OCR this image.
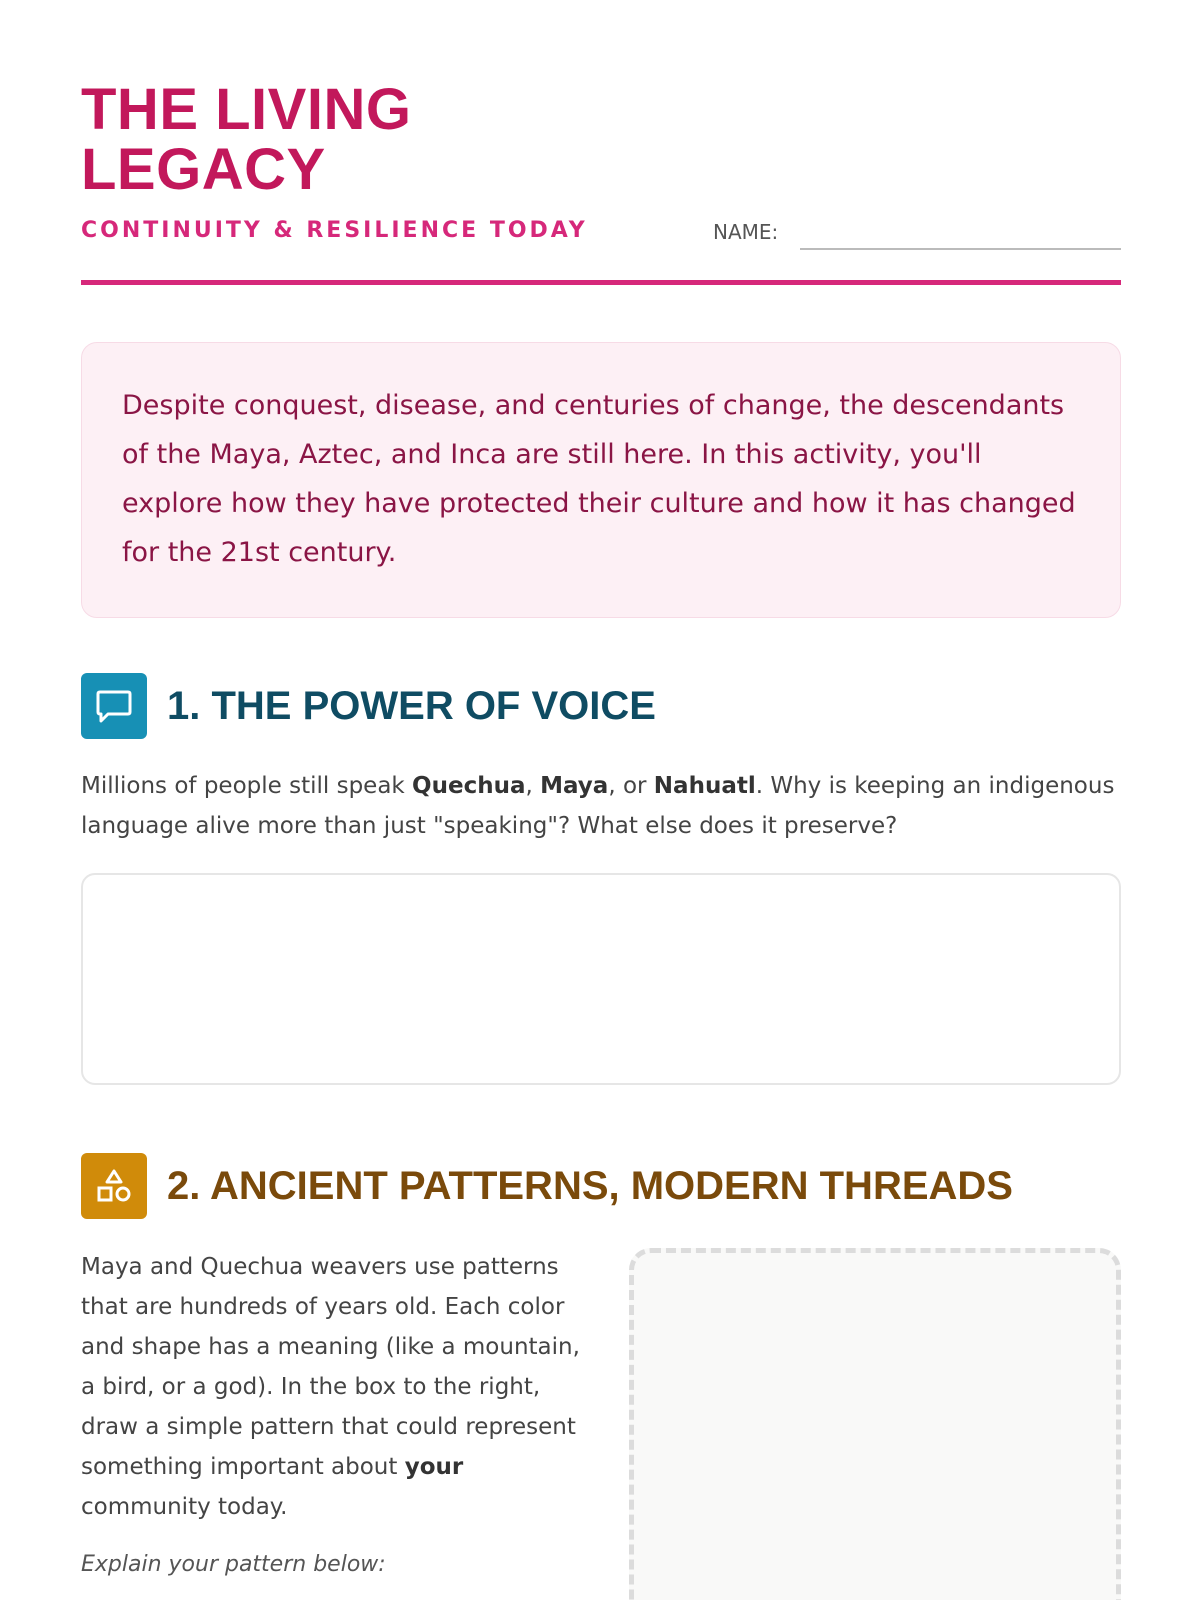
THE LIVING LEGACY
CONTINUITY & RESILIENCE TODAY	NAME:

Despite conquest, disease, and centuries of change, the descendants of the Maya, Aztec, and Inca are still here. In this activity, you'll explore how they have protected their culture and how it has changed for the 21st century.

1. THE POWER OF VOICE

Millions of people still speak Quechua, Maya, or Nahuatl. Why is keeping an indigenous language alive more than just "speaking"? What else does it preserve?

2. ANCIENT PATTERNS, MODERN THREADS

Maya and Quechua weavers use patterns that are hundreds of years old. Each color and shape has a meaning (like a mountain, a bird, or a god). In the box to the right, draw a simple pattern that could represent something important about your community today.

Explain your pattern below:
